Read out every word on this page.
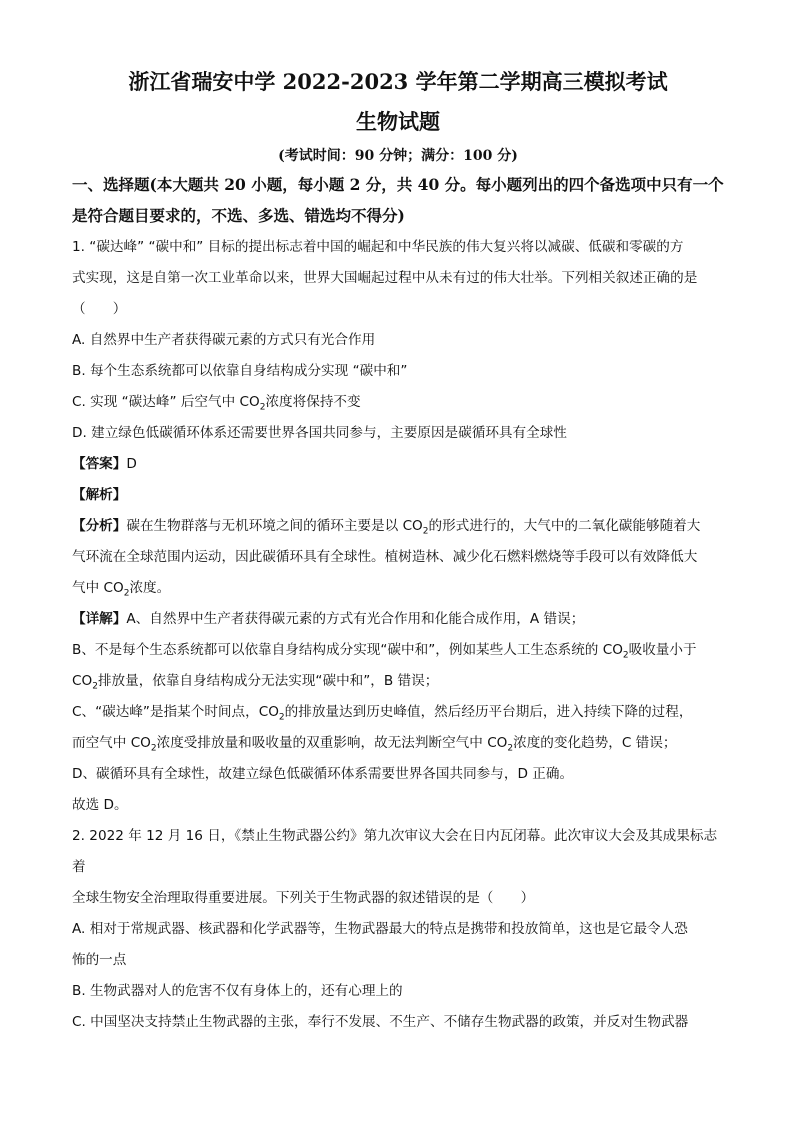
浙江省瑞安中学 2022-2023 学年第二学期高三模拟考试
生物试题

(考试时间：90 分钟；满分：100 分)

一、选择题(本大题共 20 小题，每小题 2 分，共 40 分。每小题列出的四个备选项中只有一个

是符合题目要求的，不选、多选、错选均不得分)

1. “碳达峰” “碳中和” 目标的提出标志着中国的崛起和中华民族的伟大复兴将以减碳、低碳和零碳的方

式实现，这是自第一次工业革命以来，世界大国崛起过程中从未有过的伟大壮举。下列相关叙述正确的是

（　　）

A. 自然界中生产者获得碳元素的方式只有光合作用

B. 每个生态系统都可以依靠自身结构成分实现 “碳中和”

C. 实现 “碳达峰” 后空气中 $CO_2$浓度将保持不变

D. 建立绿色低碳循环体系还需要世界各国共同参与，主要原因是碳循环具有全球性

【答案】D

【解析】

【分析】碳在生物群落与无机环境之间的循环主要是以 $CO_2$的形式进行的，大气中的二氧化碳能够随着大

气环流在全球范围内运动，因此碳循环具有全球性。植树造林、减少化石燃料燃烧等手段可以有效降低大

气中 $CO_2$浓度。

【详解】A、自然界中生产者获得碳元素的方式有光合作用和化能合成作用，A 错误；

B、不是每个生态系统都可以依靠自身结构成分实现“碳中和”，例如某些人工生态系统的 $CO_2$吸收量小于

$CO_2$排放量，依靠自身结构成分无法实现“碳中和”，B 错误；

C、“碳达峰”是指某个时间点，$CO_2$的排放量达到历史峰值，然后经历平台期后，进入持续下降的过程，

而空气中 $CO_2$浓度受排放量和吸收量的双重影响，故无法判断空气中 $CO_2$浓度的变化趋势，C 错误；

D、碳循环具有全球性，故建立绿色低碳循环体系需要世界各国共同参与，D 正确。

故选 D。

2. 2022 年 12 月 16 日，《禁止生物武器公约》第九次审议大会在日内瓦闭幕。此次审议大会及其成果标志着

全球生物安全治理取得重要进展。下列关于生物武器的叙述错误的是（　　）

A. 相对于常规武器、核武器和化学武器等，生物武器最大的特点是携带和投放简单，这也是它最令人恐

怖的一点

B. 生物武器对人的危害不仅有身体上的，还有心理上的

C. 中国坚决支持禁止生物武器的主张，奉行不发展、不生产、不储存生物武器的政策，并反对生物武器
